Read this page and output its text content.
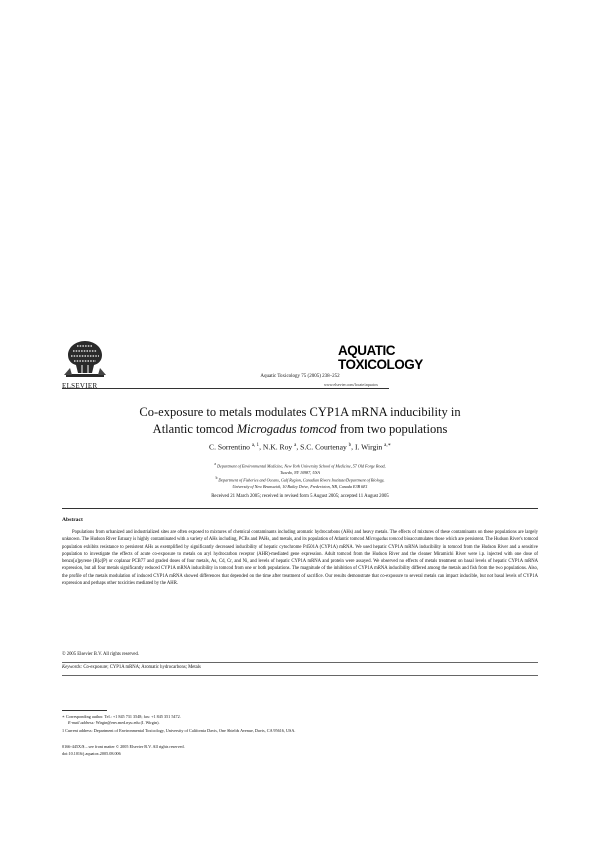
ELSEVIER
Aquatic Toxicology 75 (2005) 238–252
AQUATIC
TOXICOLOGY
www.elsevier.com/locate/aquatox
Co-exposure to metals modulates CYP1A mRNA inducibility in
Atlantic tomcod Microgadus tomcod from two populations
C. Sorrentino $^{a, 1}$, N.K. Roy $^a$, S.C. Courtenay $^b$, I. Wirgin $^{a,∗}$
$^a$ Department of Environmental Medicine, New York University School of Medicine, 57 Old Forge Road,
Tuxedo, NY 10987, USA
$^b$ Department of Fisheries and Oceans, Gulf Region, Canadian Rivers Institute/Department of Biology,
University of New Brunswick, 10 Bailey Drive, Fredericton, NB, Canada E3B 6E1
Received 21 March 2005; received in revised form 5 August 2005; accepted 11 August 2005
Abstract

Populations from urbanized and industrialized sites are often exposed to mixtures of chemical contaminants including aromatic hydrocarbons (AHs) and heavy metals. The effects of mixtures of these contaminants on these populations are largely unknown. The Hudson River Estuary is highly contaminated with a variety of AHs including, PCBs and PAHs, and metals, and its population of Atlantic tomcod Microgadus tomcod bioaccumulates those which are persistent. The Hudson River's tomcod population exhibits resistance to persistent AHs as exemplified by significantly decreased inducibility of hepatic cytochrome P4501A (CYP1A) mRNA. We used hepatic CYP1A mRNA inducibility in tomcod from the Hudson River and a sensitive population to investigate the effects of acute co-exposure to metals on aryl hydrocarbon receptor (AHR)-mediated gene expression. Adult tomcod from the Hudson River and the cleaner Miramichi River were i.p. injected with one dose of benzo[a]pyrene (B[a]P) or coplanar PCB77 and graded doses of four metals, As, Cd, Cr, and Ni, and levels of hepatic CYP1A mRNA and protein were assayed. We observed no effects of metals treatment on basal levels of hepatic CYP1A mRNA expression, but all four metals significantly reduced CYP1A mRNA inducibility in tomcod from one or both populations. The magnitude of the inhibition of CYP1A mRNA inducibility differed among the metals and fish from the two populations. Also, the profile of the metals modulation of induced CYP1A mRNA showed differences that depended on the time after treatment of sacrifice. Our results demonstrate that co-exposure to several metals can impact inducible, but not basal levels of CYP1A expression and perhaps other toxicities mediated by the AHR.

© 2005 Elsevier B.V. All rights reserved.
Keywords: Co-exposure; CYP1A mRNA; Aromatic hydrocarbons; Metals
∗ Corresponding author. Tel.: +1 845 731 3548; fax: +1 845 351 5472.
E-mail address: Wirgin@env.med.nyu.edu (I. Wirgin).
1 Current address: Department of Environmental Toxicology, University of California Davis, One Shields Avenue, Davis, CA 95616, USA.
0166-445X/$ – see front matter © 2005 Elsevier B.V. All rights reserved.
doi:10.1016/j.aquatox.2005.08.006
